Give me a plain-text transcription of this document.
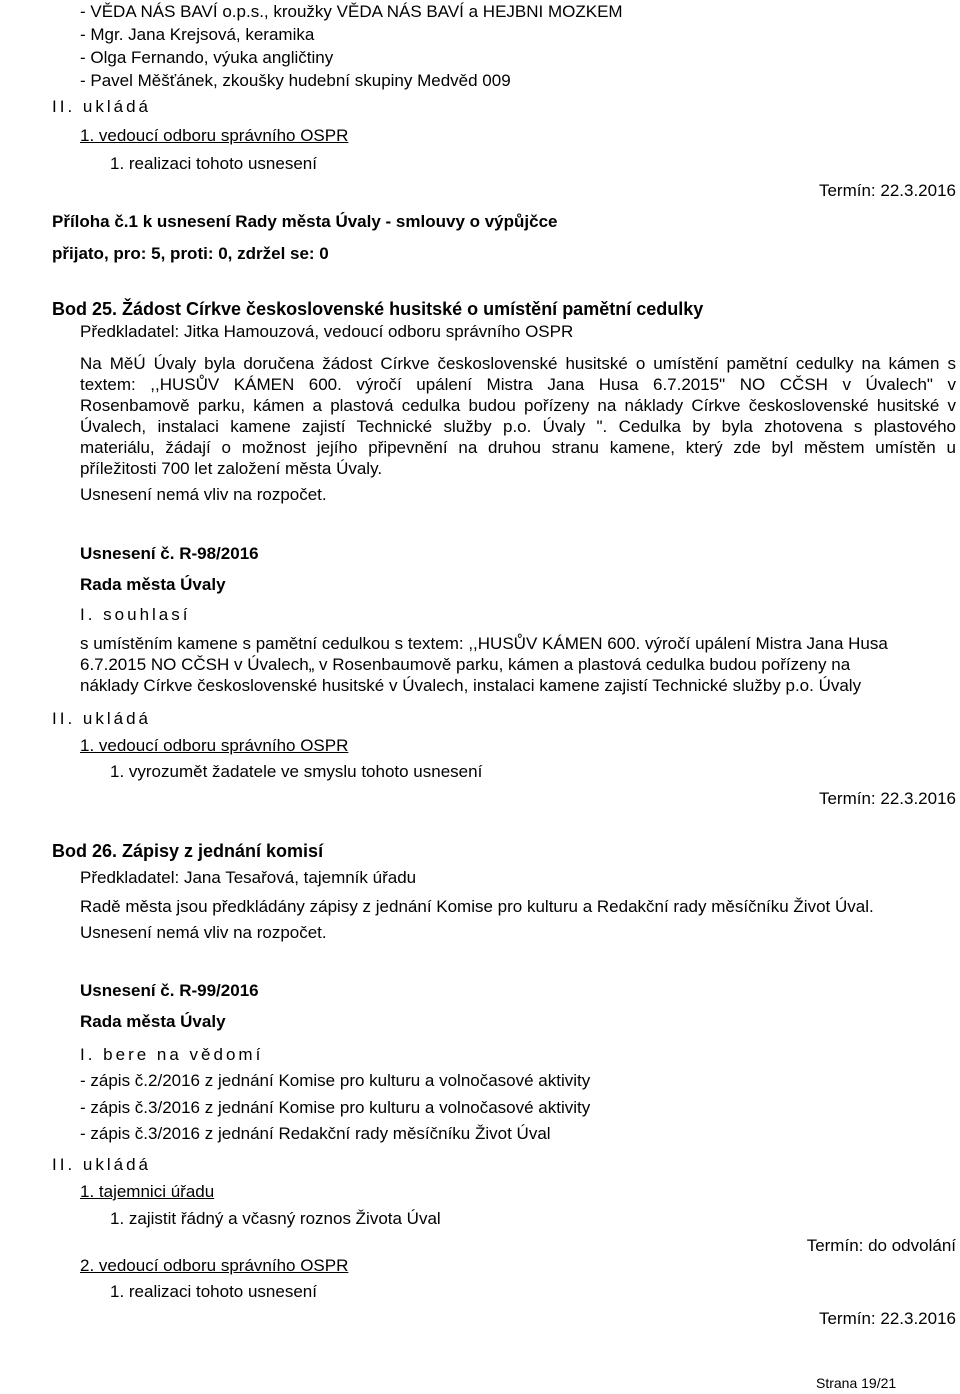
- VĚDA NÁS BAVÍ o.p.s., kroužky VĚDA NÁS BAVÍ a HEJBNI MOZKEM
- Mgr. Jana Krejsová, keramika
- Olga Fernando, výuka angličtiny
- Pavel Měšťánek, zkoušky hudební skupiny Medvěd 009
II. ukládá
1. vedoucí odboru správního OSPR
1. realizaci tohoto usnesení
Termín: 22.3.2016
Příloha č.1 k usnesení Rady města Úvaly - smlouvy o výpůjčce
přijato, pro: 5, proti: 0, zdržel se: 0
Bod 25. Žádost Církve československé husitské o umístění pamětní cedulky
Předkladatel: Jitka Hamouzová, vedoucí odboru správního OSPR
Na MěÚ Úvaly byla doručena žádost Církve československé husitské o umístění pamětní cedulky na kámen s
textem: ,,HUSŮV KÁMEN 600. výročí upálení Mistra Jana Husa 6.7.2015" NO CČSH v Úvalech" v
Rosenbamově parku, kámen a plastová cedulka budou pořízeny na náklady Církve československé husitské v
Úvalech, instalaci kamene zajistí Technické služby p.o. Úvaly ". Cedulka by byla zhotovena s plastového
materiálu, žádají o možnost jejího připevnění na druhou stranu kamene, který zde byl městem umístěn u
příležitosti 700 let založení města Úvaly.
Usnesení nemá vliv na rozpočet.
Usnesení č. R-98/2016
Rada města Úvaly
I. souhlasí
s umístěním kamene s pamětní cedulkou s textem: ,,HUSŮV KÁMEN 600. výročí upálení Mistra Jana Husa
6.7.2015 NO CČSH v Úvalech„ v Rosenbaumově parku, kámen a plastová cedulka budou pořízeny na
náklady Církve československé husitské v Úvalech, instalaci kamene zajistí Technické služby p.o. Úvaly
II. ukládá
1. vedoucí odboru správního OSPR
1. vyrozumět žadatele ve smyslu tohoto usnesení
Termín: 22.3.2016
Bod 26. Zápisy z jednání komisí
Předkladatel: Jana Tesařová, tajemník úřadu
Radě města jsou předkládány zápisy z jednání Komise pro kulturu a Redakční rady měsíčníku Život Úval.
Usnesení nemá vliv na rozpočet.
Usnesení č. R-99/2016
Rada města Úvaly
I. bere na vědomí
- zápis č.2/2016 z jednání Komise pro kulturu a volnočasové aktivity
- zápis č.3/2016 z jednání Komise pro kulturu a volnočasové aktivity
- zápis č.3/2016 z jednání Redakční rady měsíčníku Život Úval
II. ukládá
1. tajemnici úřadu
1. zajistit řádný a včasný roznos Života Úval
Termín: do odvolání
2. vedoucí odboru správního OSPR
1. realizaci tohoto usnesení
Termín: 22.3.2016
Strana 19/21
